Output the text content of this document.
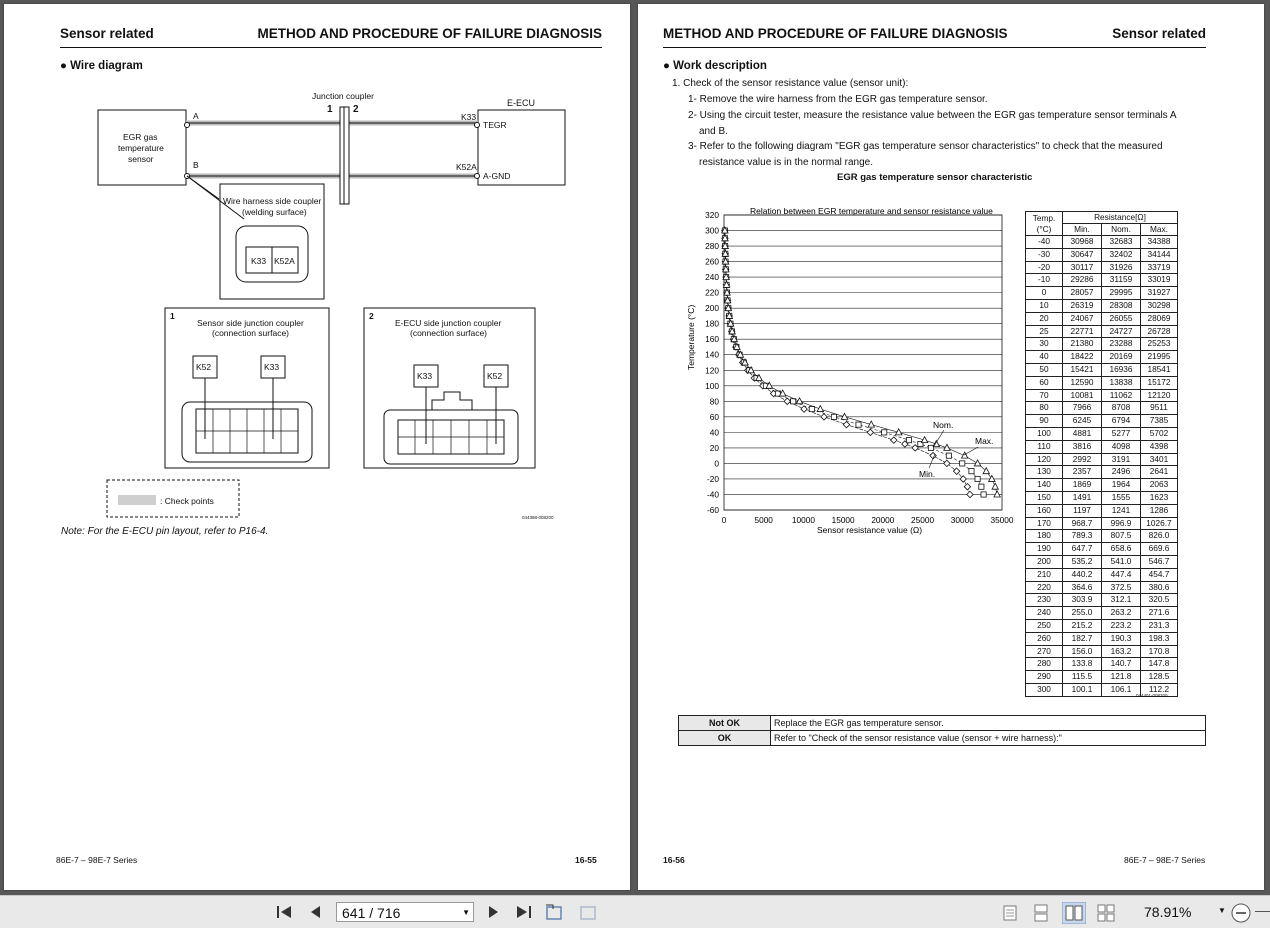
Sensor related	METHOD AND PROCEDURE OF FAILURE DIAGNOSIS
● Wire diagram
Junction coupler
1 2
E-ECU
EGR gas
temperature
sensor
A
B
K33
K52A
TEGR
A-GND
Wire harness side coupler
(welding surface)
K33 K52A
1
Sensor side junction coupler
(connection surface)
K52	K33
2
E-ECU side junction coupler
(connection surface)
K33	K52
: Check points
044388-008200
Note: For the E-ECU pin layout, refer to P16-4.
86E-7 – 98E-7 Series	16-55
METHOD AND PROCEDURE OF FAILURE DIAGNOSIS	Sensor related
● Work description
1. Check of the sensor resistance value (sensor unit):
1- Remove the wire harness from the EGR gas temperature sensor.
2- Using the circuit tester, measure the resistance value between the EGR gas temperature sensor terminals A
and B.
3- Refer to the following diagram "EGR gas temperature sensor characteristics" to check that the measured
resistance value is in the normal range.
EGR gas temperature sensor characteristic
Relation between EGR temperature and sensor resistance value
320
300
280
260
240
220
200
180
160
140
120
100
80
60
40
20
0
-20
-40
-60
0	5000 10000 15000 20000 25000 30000 35000
Temperature (°C)
Sensor resistance value (Ω)
Nom.
Max.
Min.
Temp.
(°C)	Resistance[Ω]		
	Min.	Nom.	Max.
-40	30968	32683	34388
-30	30647	32402	34144
-20	30117	31926	33719
-10	29286	31159	33019
0	28057	29995	31927
10	26319	28308	30298
20	24067	26055	28069
25	22771	24727	26728
30	21380	23288	25253
40	18422	20169	21995
50	15421	16936	18541
60	12590	13838	15172
70	10081	11062	12120
80	7966	8708	9511
90	6245	6794	7385
100	4881	5277	5702
110	3816	4098	4398
120	2992	3191	3401
130	2357	2496	2641
140	1869	1964	2063
150	1491	1555	1623
160	1197	1241	1286
170	968.7	996.9	1026.7
180	789.3	807.5	826.0
190	647.7	658.6	669.6
200	535.2	541.0	546.7
210	440.2	447.4	454.7
220	364.6	372.5	380.6
230	303.9	312.1	320.5
240	255.0	263.2	271.6
250	215.2	223.2	231.3
260	182.7	190.3	198.3
270	156.0	163.2	170.8
280	133.8	140.7	147.8
290	115.5	121.8	128.5
300	100.1	106.1	112.2
044401-008200
Not OK	Replace the EGR gas temperature sensor.
OK	Refer to "Check of the sensor resistance value (sensor + wire harness):"
16-56	86E-7 – 98E-7 Series
641 / 716	▼	78.91%	▼
